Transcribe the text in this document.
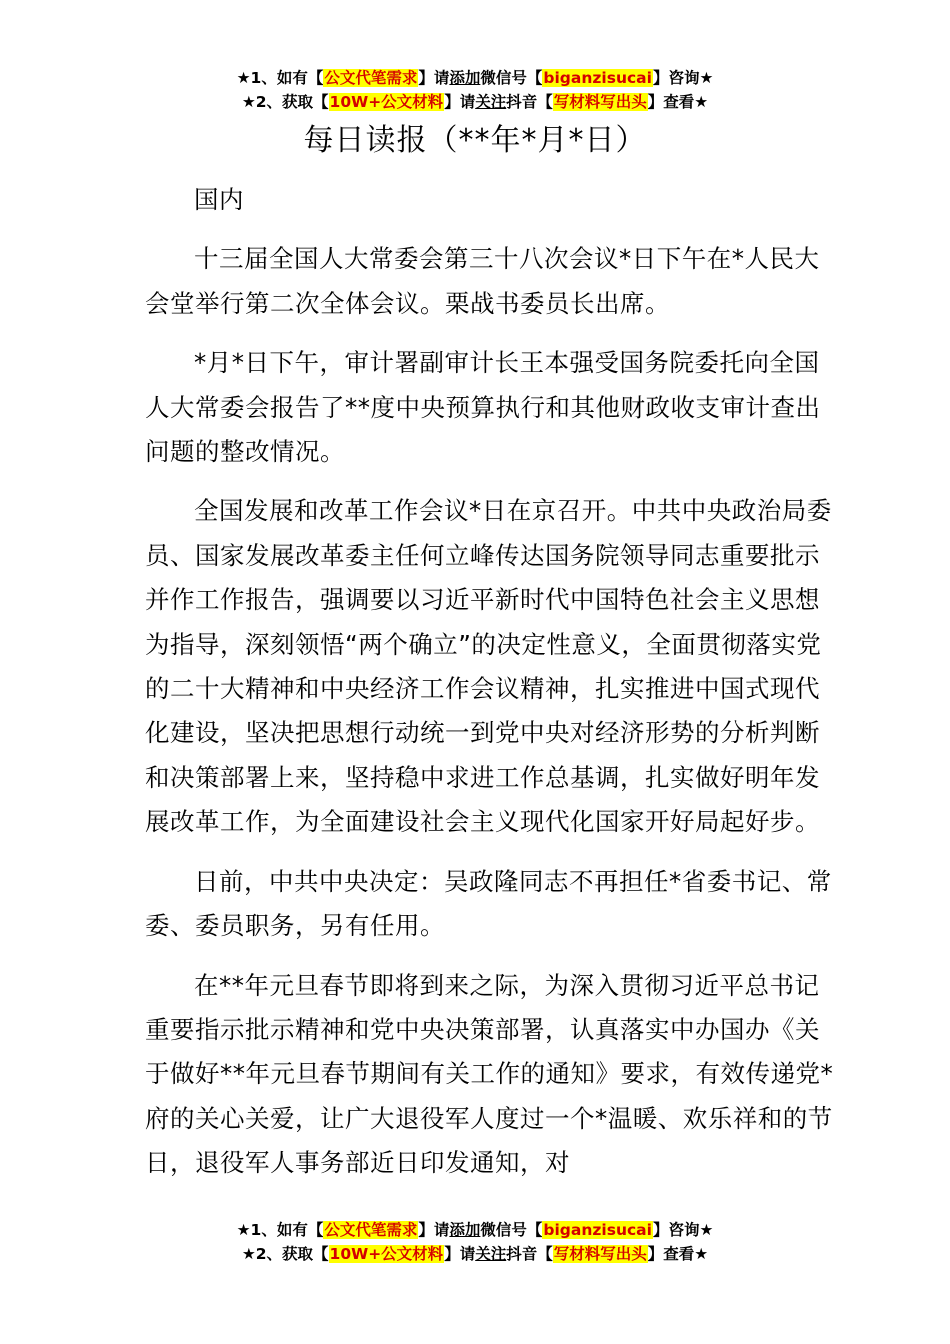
★1、如有【公文代笔需求】请添加微信号【biganzisucai】咨询★
★2、获取【10W+公文材料】请关注抖音【写材料写出头】查看★
每日读报（**年*月*日）

国内

十三届全国人大常委会第三十八次会议*日下午在*人民大会堂举行第二次全体会议。栗战书委员长出席。

*月*日下午，审计署副审计长王本强受国务院委托向全国人大常委会报告了**度中央预算执行和其他财政收支审计查出问题的整改情况。

全国发展和改革工作会议*日在京召开。中共中央政治局委员、国家发展改革委主任何立峰传达国务院领导同志重要批示并作工作报告，强调要以习近平新时代中国特色社会主义思想为指导，深刻领悟“两个确立”的决定性意义，全面贯彻落实党的二十大精神和中央经济工作会议精神，扎实推进中国式现代化建设，坚决把思想行动统一到党中央对经济形势的分析判断和决策部署上来，坚持稳中求进工作总基调，扎实做好明年发展改革工作，为全面建设社会主义现代化国家开好局起好步。

日前，中共中央决定：吴政隆同志不再担任*省委书记、常委、委员职务，另有任用。

在**年元旦春节即将到来之际，为深入贯彻习近平总书记重要指示批示精神和党中央决策部署，认真落实中办国办《关于做好**年元旦春节期间有关工作的通知》要求，有效传递党*府的关心关爱，让广大退役军人度过一个*温暖、欢乐祥和的节日，退役军人事务部近日印发通知，对

★1、如有【公文代笔需求】请添加微信号【biganzisucai】咨询★
★2、获取【10W+公文材料】请关注抖音【写材料写出头】查看★
